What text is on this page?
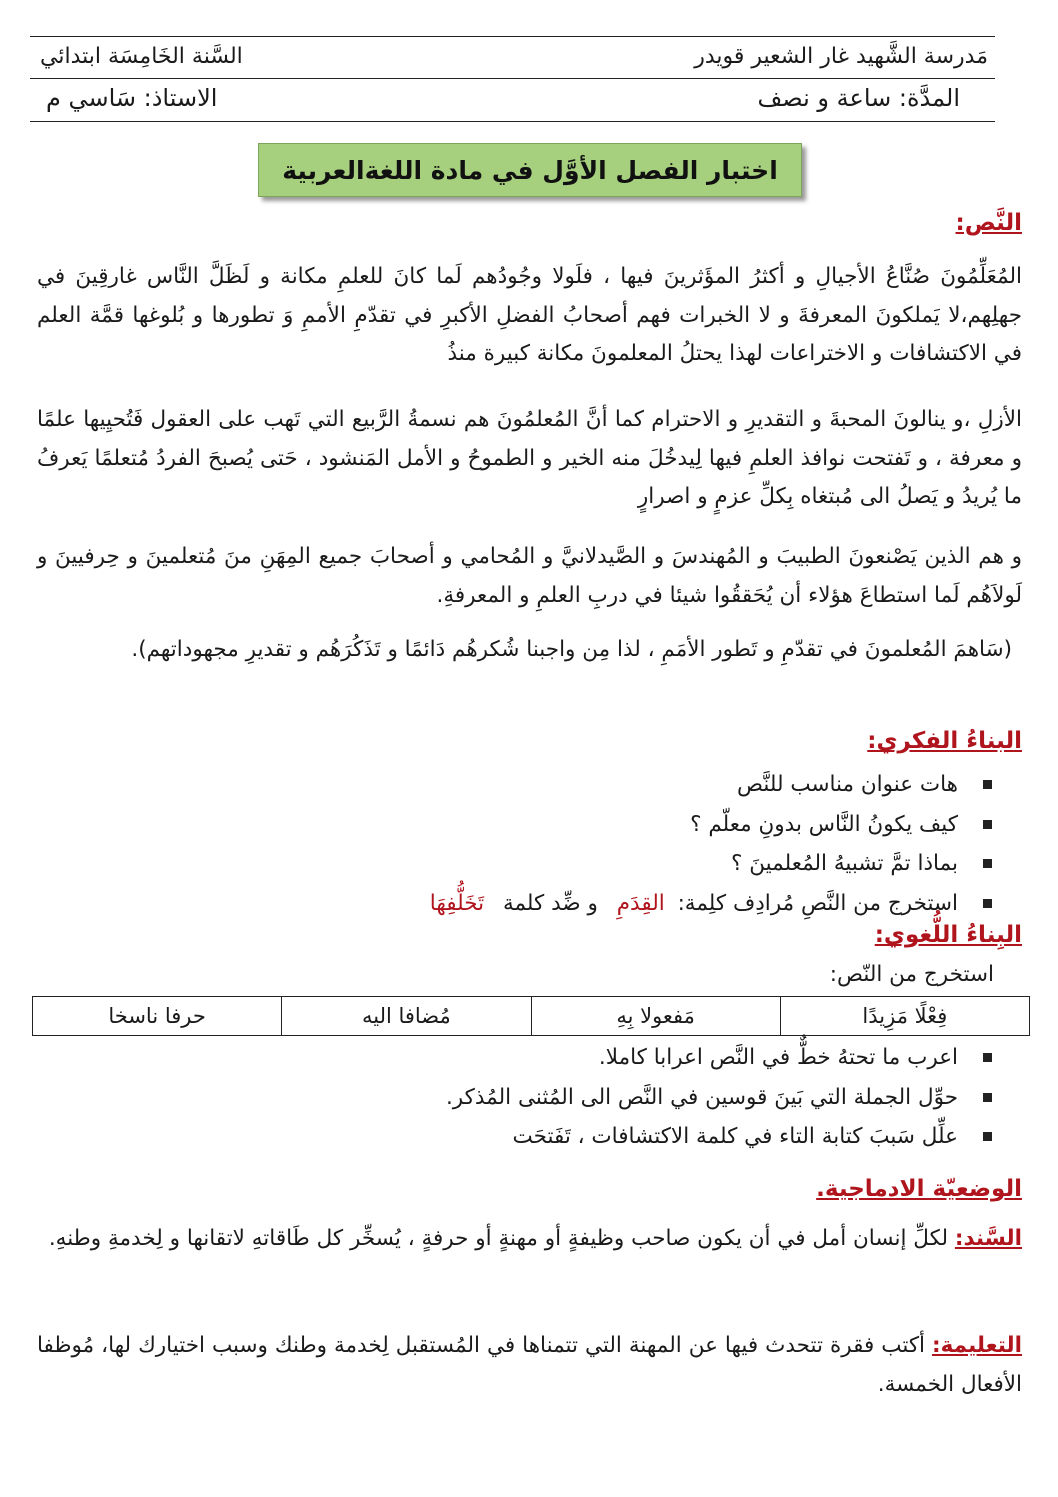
مَدرسة الشَّهيد غار الشعير قويدر
السَّنة الخَامِسَة ابتدائي
المدَّة: ساعة و نصف
الاستاذ: سَاسي م
اختبار الفصل الأوَّل في مادة اللغةالعربية
النَّص:

المُعَلِّمُونَ صُنَّاعُ الأجيالِ و أكثرُ المؤَثرينَ فيها ، فلَولا وجُودُهم لَما كانَ للعلمِ مكانة و لَظَلَّ النَّاس غارقِينَ في جهلِهم،لا يَملكونَ المعرفةَ و لا الخبرات فهم أصحابُ الفضلِ الأكبرِ في تقدّمِ الأممِ وَ تطورها و بُلوغها قمَّة العلم في الاكتشافات و الاختراعات لهذا يحتلُ المعلمونَ مكانة كبيرة منذُ

الأزلِ ،و ينالونَ المحبةَ و التقديرِ و الاحترام كما أنَّ المُعلمُونَ هم نسمةُ الرَّبيع التي تَهب على العقول فَتُحيِيها علمًا و معرفة ، و تَفتحت نوافذ العلمِ فيها لِيدخُلَ منه الخير و الطموحُ و الأمل المَنشود ، حَتى يُصبحَ الفردُ مُتعلمًا يَعرفُ ما يُريدُ و يَصلُ الى مُبتغاه بِكلِّ عزمٍ و اصرارٍ

و هم الذين يَصْنعونَ الطبيبَ و المُهندسَ و الصَّيدلانيَّ و المُحامي و أصحابَ جميع المِهَنِ منَ مُتعلمينَ و حِرفيينَ و لَولاَهُم لَما استطاعَ هؤلاء أن يُحَققُوا شيئا في دربِ العلمِ و المعرفةِ.

(سَاهمَ المُعلمونَ في تقدّمِ و تَطور الأمَمِ ، لذا مِن واجبنا شُكرهُم دَائمًا و تَذَكُرَهُم و تقديرِ مجهوداتهم).

البناءُ الفكري:
هات عنوان مناسب للنَّص
كيف يكونُ النَّاس بدونِ معلّم ؟
بماذا تمَّ تشبيهُ المُعلمينَ ؟
استخرج من النَّصِ مُرادِف كلِمة: القِدَمِ و ضِّد كلمة تَخَلُّفِهَا
البِناءُ اللُّغوي:
استخرج من النّص:
فِعْلًا مَزِيدًا	مَفعولا بِهِ	مُضافا اليه	حرفا ناسخا
اعرب ما تحتهُ خطٌّ في النَّص اعرابا كاملا.
حوِّل الجملة التي بَينَ قوسين في النَّص الى المُثنى المُذكر.
علِّل سَببَ كتابة التاء في كلمة الاكتشافات ، تَفَتحَت
الوضعيّة الادماجية.

السَّند: لكلِّ إنسان أمل في أن يكون صاحب وظيفةٍ أو مهنةٍ أو حرفةٍ ، يُسخِّر كل طَاقاتهِ لاتقانها و لِخدمةِ وطنهِ.

التعليمة: أكتب فقرة تتحدث فيها عن المهنة التي تتمناها في المُستقبل لِخدمة وطنك وسبب اختيارك لها، مُوظفا الأفعال الخمسة.
